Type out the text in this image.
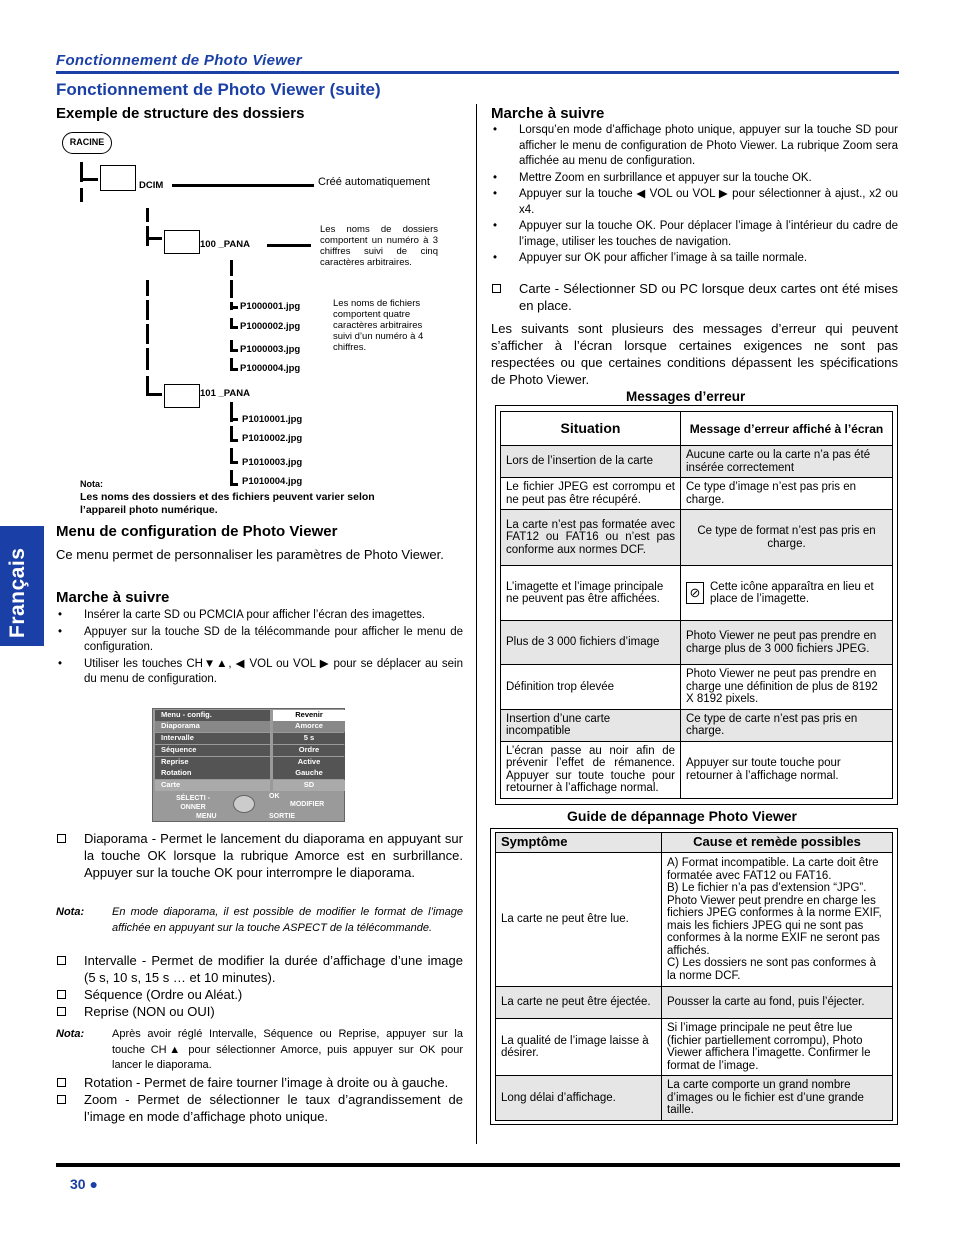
Fonctionnement de Photo Viewer
Fonctionnement de Photo Viewer (suite)
Français
Exemple de structure des dossiers
RACINE
DCIM	Créé automatiquement
100 _PANA
Les noms de dossiers comportent un numéro à 3 chiffres suivi de cinq caractères arbitraires.
P1000001.jpg
P1000002.jpg
P1000003.jpg
P1000004.jpg
Les noms de fichiers comportent quatre caractères arbitraires suivi d’un numéro à 4 chiffres.
101 _PANA
P1010001.jpg
P1010002.jpg
P1010003.jpg
P1010004.jpg
Nota:
Les noms des dossiers et des fichiers peuvent varier selon l’appareil photo numérique.
Menu de configuration de Photo Viewer
Ce menu permet de personnaliser les paramètres de Photo Viewer.
Marche à suivre
• Insérer la carte SD ou PCMCIA pour afficher l’écran des imagettes.
• Appuyer sur la touche SD de la télécommande pour afficher le menu de configuration.
• Utiliser les touches CH▼▲, ◀ VOL ou VOL ▶ pour se déplacer au sein du menu de configuration.
Menu - config.	Revenir
Diaporama	Amorce
Intervalle	5 s
Séquence	Ordre
Reprise	Active
Rotation	Gauche
Carte	SD
SÉLECTI -ONNER
OK
MODIFIER
MENU	SORTIE
Diaporama - Permet le lancement du diaporama en appuyant sur la touche OK lorsque la rubrique Amorce est en surbrillance. Appuyer sur la touche OK pour interrompre le diaporama.
Nota:	En mode diaporama, il est possible de modifier le format de l’image affichée en appuyant sur la touche ASPECT de la télécommande.
Intervalle - Permet de modifier la durée d’affichage d’une image (5 s, 10 s, 15 s … et 10 minutes).
Séquence (Ordre ou Aléat.)
Reprise (NON ou OUI)
Nota:	Après avoir réglé Intervalle, Séquence ou Reprise, appuyer sur la touche CH▲ pour sélectionner Amorce, puis appuyer sur OK pour lancer le diaporama.
Rotation - Permet de faire tourner l’image à droite ou à gauche.
Zoom - Permet de sélectionner le taux d’agrandissement de l’image en mode d’affichage photo unique.
Marche à suivre
• Lorsqu’en mode d’affichage photo unique, appuyer sur la touche SD pour afficher le menu de configuration de Photo Viewer. La rubrique Zoom sera affichée au menu de configuration.
• Mettre Zoom en surbrillance et appuyer sur la touche OK.
• Appuyer sur la touche ◀ VOL ou VOL ▶ pour sélectionner à ajust., x2 ou x4.
• Appuyer sur la touche OK. Pour déplacer l’image à l’intérieur du cadre de l’image, utiliser les touches de navigation.
• Appuyer sur OK pour afficher l’image à sa taille normale.
Carte - Sélectionner SD ou PC lorsque deux cartes ont été mises en place.
Les suivants sont plusieurs des messages d’erreur qui peuvent s’afficher à l’écran lorsque certaines exigences ne sont pas respectées ou que certaines conditions dépassent les spécifications de Photo Viewer.
Messages d’erreur
Situation	Message d’erreur affiché à l’écran
Lors de l’insertion de la carte	Aucune carte ou la carte n’a pas été insérée correctement
Le fichier JPEG est corrompu et ne peut pas être récupéré.	Ce type d’image n’est pas pris en charge.
La carte n’est pas formatée avec FAT12 ou FAT16 ou n’est pas conforme aux normes DCF.	Ce type de format n’est pas pris en charge.
L’imagette et l’image principale ne peuvent pas être affichées.	⊘ Cette icône apparaîtra en lieu et place de l’imagette.
Plus de 3 000 fichiers d’image	Photo Viewer ne peut pas prendre en charge plus de 3 000 fichiers JPEG.
Définition trop élevée	Photo Viewer ne peut pas prendre en charge une définition de plus de 8192 X 8192 pixels.
Insertion d’une carte incompatible	Ce type de carte n’est pas pris en charge.
L’écran passe au noir afin de prévenir l’effet de rémanence. Appuyer sur toute touche pour retourner à l’affichage normal.	Appuyer sur toute touche pour retourner à l’affichage normal.
Guide de dépannage Photo Viewer
Symptôme	Cause et remède possibles
La carte ne peut être lue.	A) Format incompatible. La carte doit être formatée avec FAT12 ou FAT16.
B) Le fichier n’a pas d’extension “JPG”. Photo Viewer peut prendre en charge les fichiers JPEG conformes à la norme EXIF, mais les fichiers JPEG qui ne sont pas conformes à la norme EXIF ne seront pas affichés.
C) Les dossiers ne sont pas conformes à la norme DCF.
La carte ne peut être éjectée.	Pousser la carte au fond, puis l’éjecter.
La qualité de l’image laisse à désirer.	Si l’image principale ne peut être lue (fichier partiellement corrompu), Photo Viewer affichera l’imagette. Confirmer le format de l’image.
Long délai d’affichage.	La carte comporte un grand nombre d’images ou le fichier est d’une grande taille.
30 ●
